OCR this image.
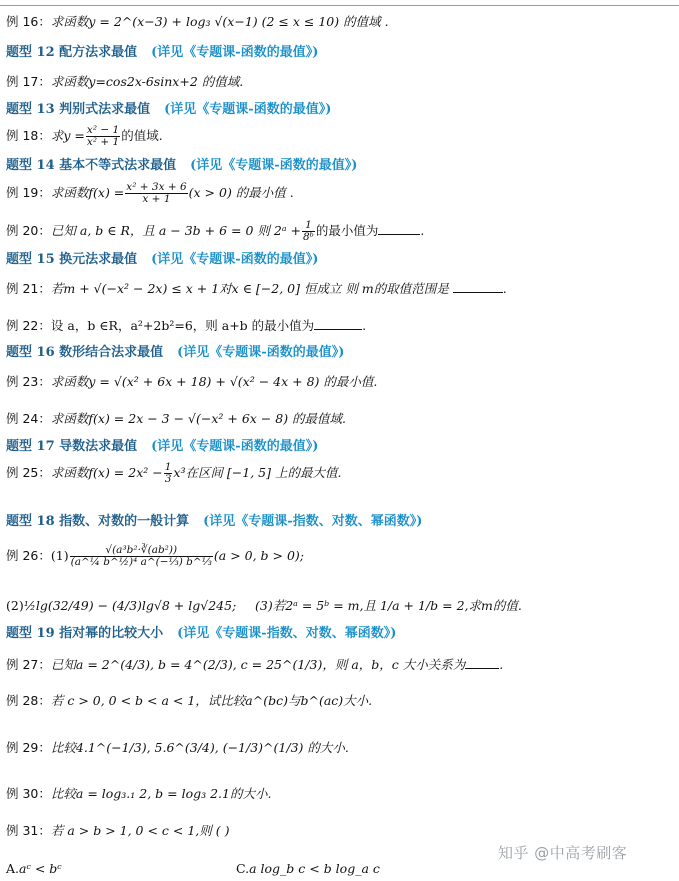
例 16：求函数y = 2^(x−3) + log₃ √(x−1) (2 ≤ x ≤ 10) 的值域 .
题型 12 配方法求最值 (详见《专题课-函数的最值》)
例 17：求函数y=cos2x-6sinx+2 的值域.
题型 13 判别式法求最值 (详见《专题课-函数的最值》)
例 18：求$y = \frac{\text{x² − 1}}{\text{x² + 1}}$ 的值域.
题型 14 基本不等式法求最值 (详见《专题课-函数的最值》)
例 19：求函数$f(x) = \frac{\text{x² + 3x + 6}}{x + 1} (x > 0)$ 的最小值 .
例 20：已知 a, b ∈ R，且 a − 3b + 6 = 0 则 2ᵃ + $\frac{1}{\text{8ᵇ}}$ 的最小值为	.
题型 15 换元法求最值 (详见《专题课-函数的最值》)
例 21：若m + √(−x² − 2x) ≤ x + 1对x ∈ [−2, 0] 恒成立 则 m的取值范围是	.
例 22：设 a，b ∈R，a²+2b²=6，则 a+b 的最小值为	.
题型 16 数形结合法求最值 (详见《专题课-函数的最值》)
例 23：求函数y = √(x² + 6x + 18) + √(x² − 4x + 8) 的最小值.
例 24：求函数f(x) = 2x − 3 − √(−x² + 6x − 8) 的最值域.
题型 17 导数法求最值 (详见《专题课-函数的最值》)
例 25：求函数$f(x) = 2x^2 - \frac{1}{3} x^3$在区间 [−1, 5] 上的最大值.
题型 18 指数、对数的一般计算 (详见《专题课-指数、对数、幂函数》)
例 26：$(1) \frac{\text{√(a³b²·∛(ab²))}}{\text{(a\textasciicircum{}¼ b\textasciicircum{}½)⁴ a\textasciicircum{}(−⅓) b\textasciicircum{}⅓}} (a > 0$, b > 0);
(2)½lg(32/49) − (4/3)lg√8 + lg√245; (3)若2ᵃ = 5ᵇ = m,且 1/a + 1/b = 2,求m的值.
题型 19 指对幂的比较大小 (详见《专题课-指数、对数、幂函数》)
例 27：已知a = 2^(4/3), b = 4^(2/3), c = 25^(1/3)，则 a，b，c 大小关系为	.
例 28：若 c > 0, 0 < b < a < 1，试比较a^(bc)与b^(ac)大小.
例 29：比较4.1^(−1/3), 5.6^(3/4), (−1/3)^(1/3) 的大小.
例 30：比较a = log₃.₁ 2, b = log₃ 2.1的大小.
例 31：若 a > b > 1, 0 < c < 1,则 ( )
A.aᶜ < bᶜ	C.a log_b c < b log_a c
知乎 @中高考刷客
